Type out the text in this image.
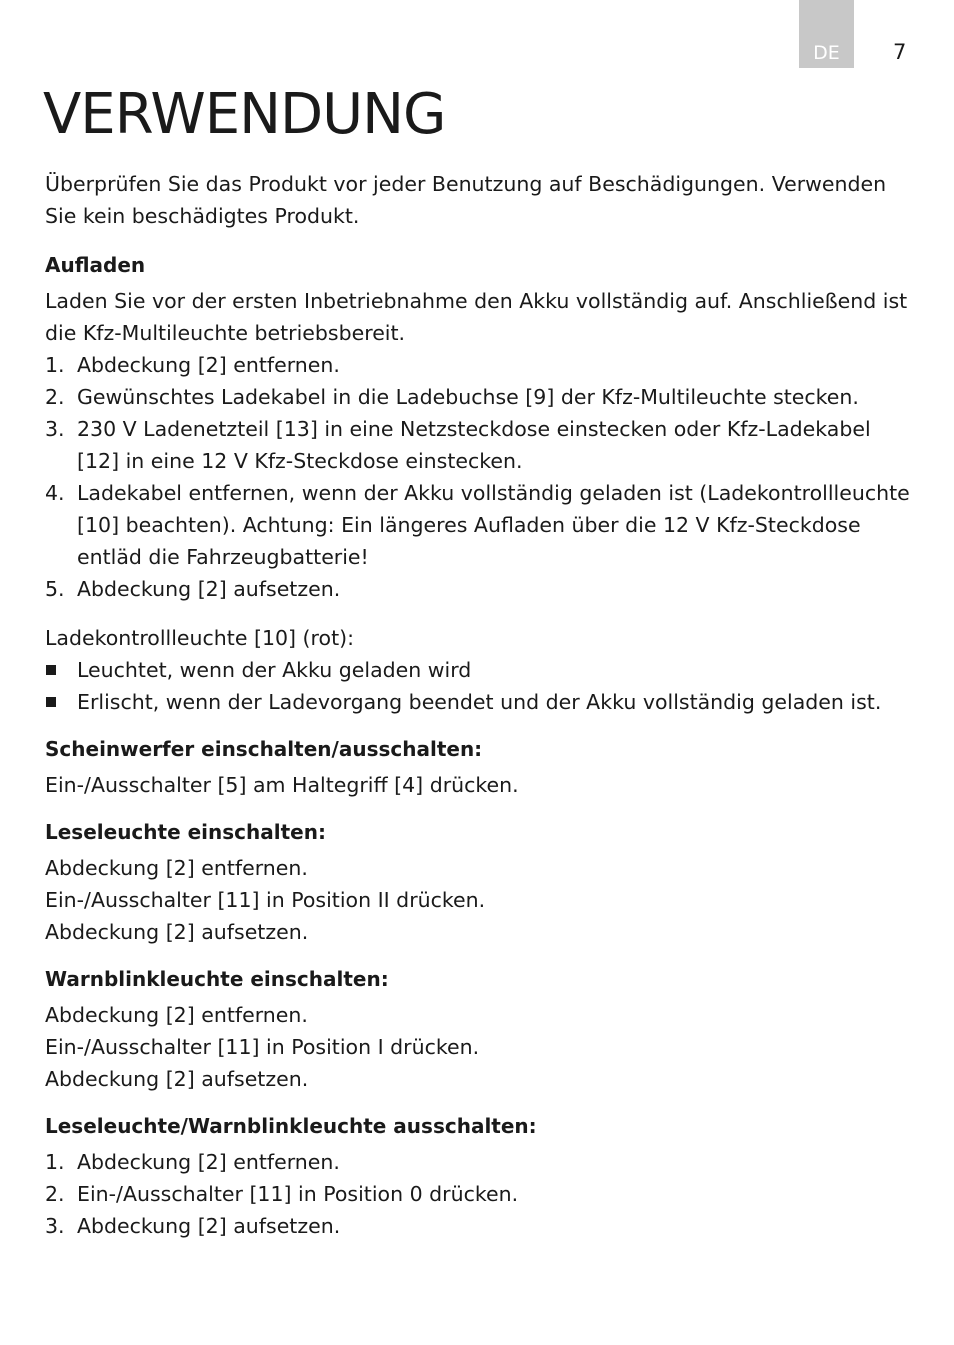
DE	7
VERWENDUNG

Überprüfen Sie das Produkt vor jeder Benutzung auf Beschädigungen. Verwenden Sie kein beschädigtes Produkt.

Aufladen

Laden Sie vor der ersten Inbetriebnahme den Akku vollständig auf. Anschließend ist die Kfz-Multileuchte betriebsbereit.

1. Abdeckung [2] entfernen.
2. Gewünschtes Ladekabel in die Ladebuchse [9] der Kfz-Multileuchte stecken.
3. 230 V Ladenetzteil [13] in eine Netzsteckdose einstecken oder Kfz-Ladekabel [12] in eine 12 V Kfz-Steckdose einstecken.
4. Ladekabel entfernen, wenn der Akku vollständig geladen ist (Ladekontrollleuchte [10] beachten). Achtung: Ein längeres Aufladen über die 12 V Kfz-Steckdose entläd die Fahrzeugbatterie!
5. Abdeckung [2] aufsetzen.

Ladekontrollleuchte [10] (rot):

Leuchtet, wenn der Akku geladen wird
Erlischt, wenn der Ladevorgang beendet und der Akku vollständig geladen ist.
Scheinwerfer einschalten/ausschalten:

Ein-/Ausschalter [5] am Haltegriff [4] drücken.

Leseleuchte einschalten:

Abdeckung [2] entfernen.

Ein-/Ausschalter [11] in Position II drücken.

Abdeckung [2] aufsetzen.

Warnblinkleuchte einschalten:

Abdeckung [2] entfernen.

Ein-/Ausschalter [11] in Position I drücken.

Abdeckung [2] aufsetzen.

Leseleuchte/Warnblinkleuchte ausschalten:
1. Abdeckung [2] entfernen.
2. Ein-/Ausschalter [11] in Position 0 drücken.
3. Abdeckung [2] aufsetzen.
